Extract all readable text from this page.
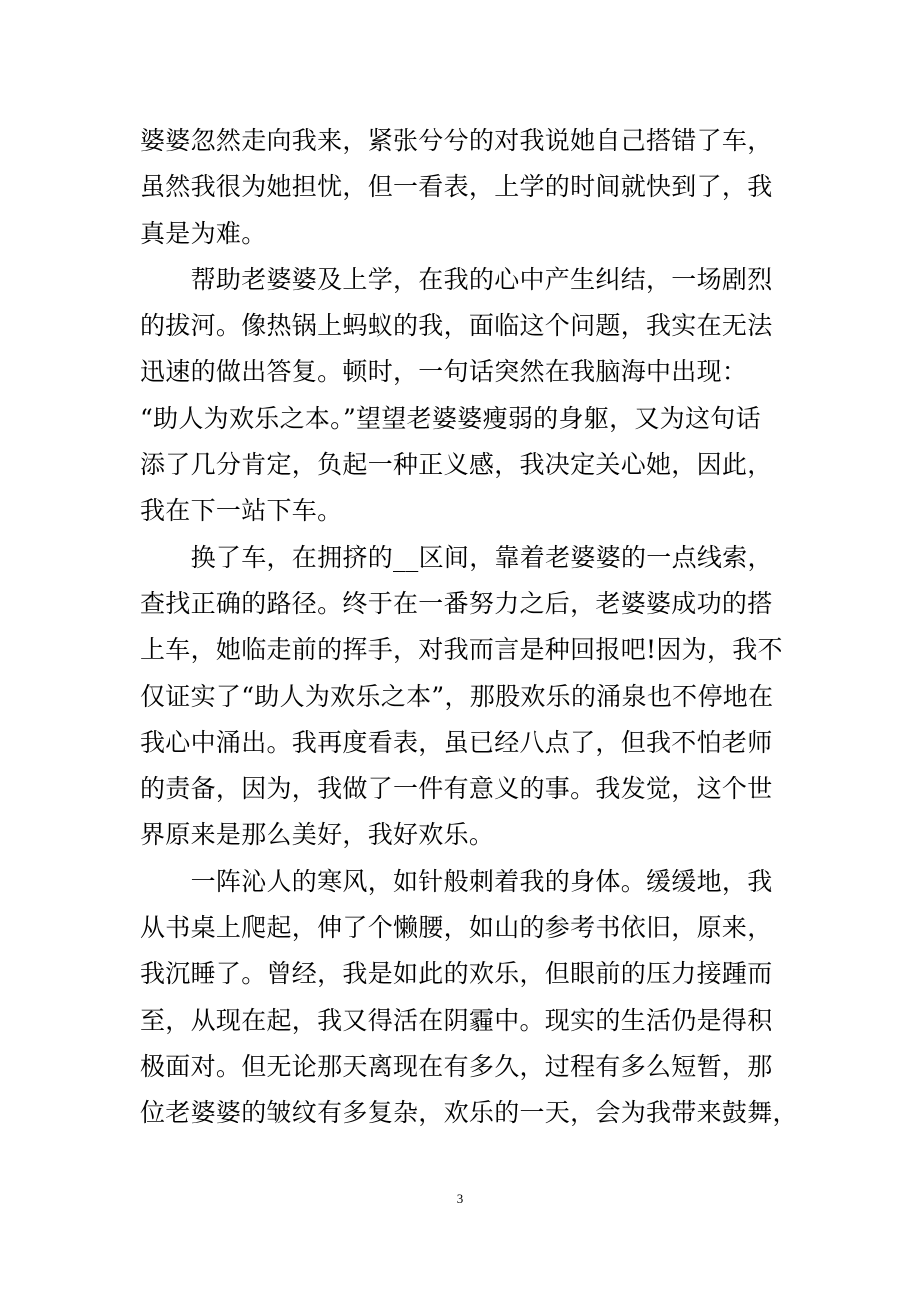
婆婆忽然走向我来，紧张兮兮的对我说她自己搭错了车，
虽然我很为她担忧，但一看表，上学的时间就快到了，我
真是为难。
　　帮助老婆婆及上学，在我的心中产生纠结，一场剧烈
的拔河。像热锅上蚂蚁的我，面临这个问题，我实在无法
迅速的做出答复。顿时，一句话突然在我脑海中出现：
“助人为欢乐之本。”望望老婆婆瘦弱的身躯，又为这句话
添了几分肯定，负起一种正义感，我决定关心她，因此，
我在下一站下车。
　　换了车，在拥挤的__区间，靠着老婆婆的一点线索，
查找正确的路径。终于在一番努力之后，老婆婆成功的搭
上车，她临走前的挥手，对我而言是种回报吧!因为，我不
仅证实了“助人为欢乐之本”，那股欢乐的涌泉也不停地在
我心中涌出。我再度看表，虽已经八点了，但我不怕老师
的责备，因为，我做了一件有意义的事。我发觉，这个世
界原来是那么美好，我好欢乐。
　　一阵沁人的寒风，如针般刺着我的身体。缓缓地，我
从书桌上爬起，伸了个懒腰，如山的参考书依旧，原来，
我沉睡了。曾经，我是如此的欢乐，但眼前的压力接踵而
至，从现在起，我又得活在阴霾中。现实的生活仍是得积
极面对。但无论那天离现在有多久，过程有多么短暂，那
位老婆婆的皱纹有多复杂，欢乐的一天，会为我带来鼓舞，
3
